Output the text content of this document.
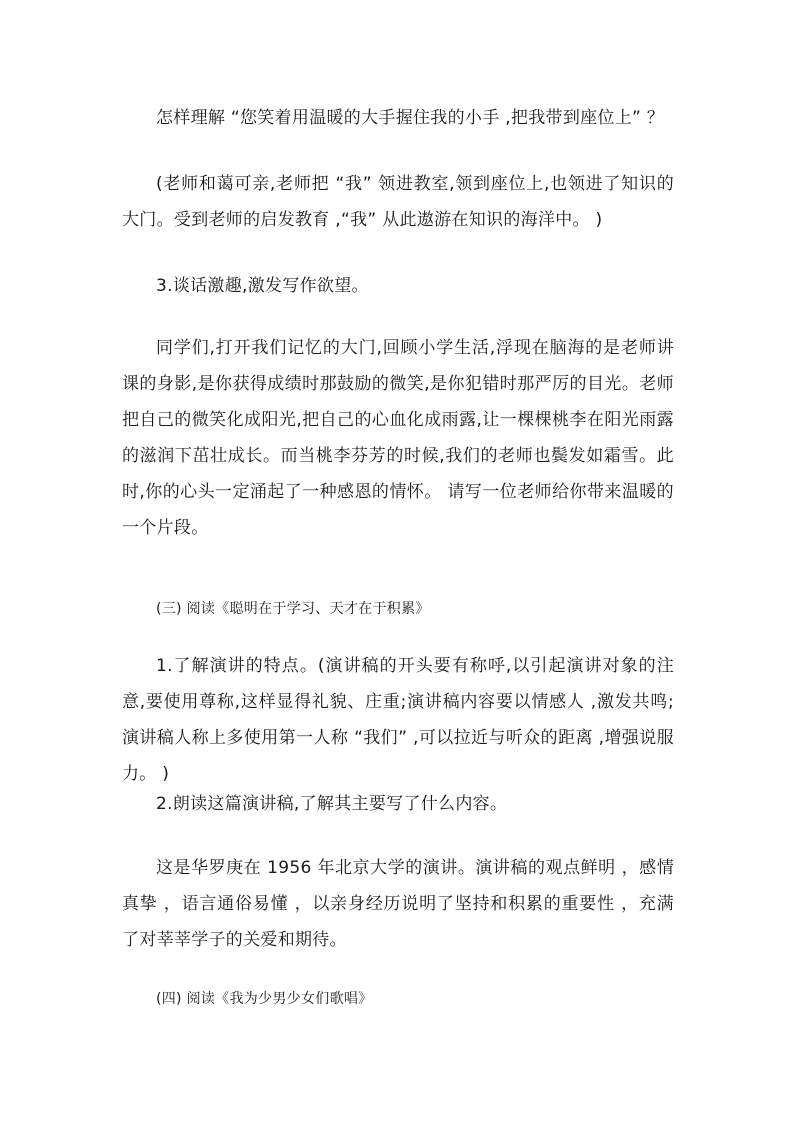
怎样理解 “您笑着用温暖的大手握住我的小手 ,把我带到座位上” ？

(老师和蔼可亲,老师把 “我” 领进教室,领到座位上,也领进了知识的大门。受到老师的启发教育 ,“我” 从此遨游在知识的海洋中。 )

3.谈话激趣,激发写作欲望。

同学们,打开我们记忆的大门,回顾小学生活,浮现在脑海的是老师讲课的身影,是你获得成绩时那鼓励的微笑,是你犯错时那严厉的目光。老师把自己的微笑化成阳光,把自己的心血化成雨露,让一棵棵桃李在阳光雨露的滋润下茁壮成长。而当桃李芬芳的时候,我们的老师也鬓发如霜雪。此时,你的心头一定涌起了一种感恩的情怀。 请写一位老师给你带来温暖的一个片段。

(三) 阅读《聪明在于学习、天才在于积累》

1.了解演讲的特点。(演讲稿的开头要有称呼,以引起演讲对象的注意,要使用尊称,这样显得礼貌、庄重;演讲稿内容要以情感人 ,激发共鸣;演讲稿人称上多使用第一人称 “我们” ,可以拉近与听众的距离 ,增强说服力。 )

2.朗读这篇演讲稿,了解其主要写了什么内容。

这是华罗庚在 1956 年北京大学的演讲。演讲稿的观点鲜明 ，感情真挚 ，语言通俗易懂 ，以亲身经历说明了坚持和积累的重要性 ，充满了对莘莘学子的关爱和期待。

(四) 阅读《我为少男少女们歌唱》
